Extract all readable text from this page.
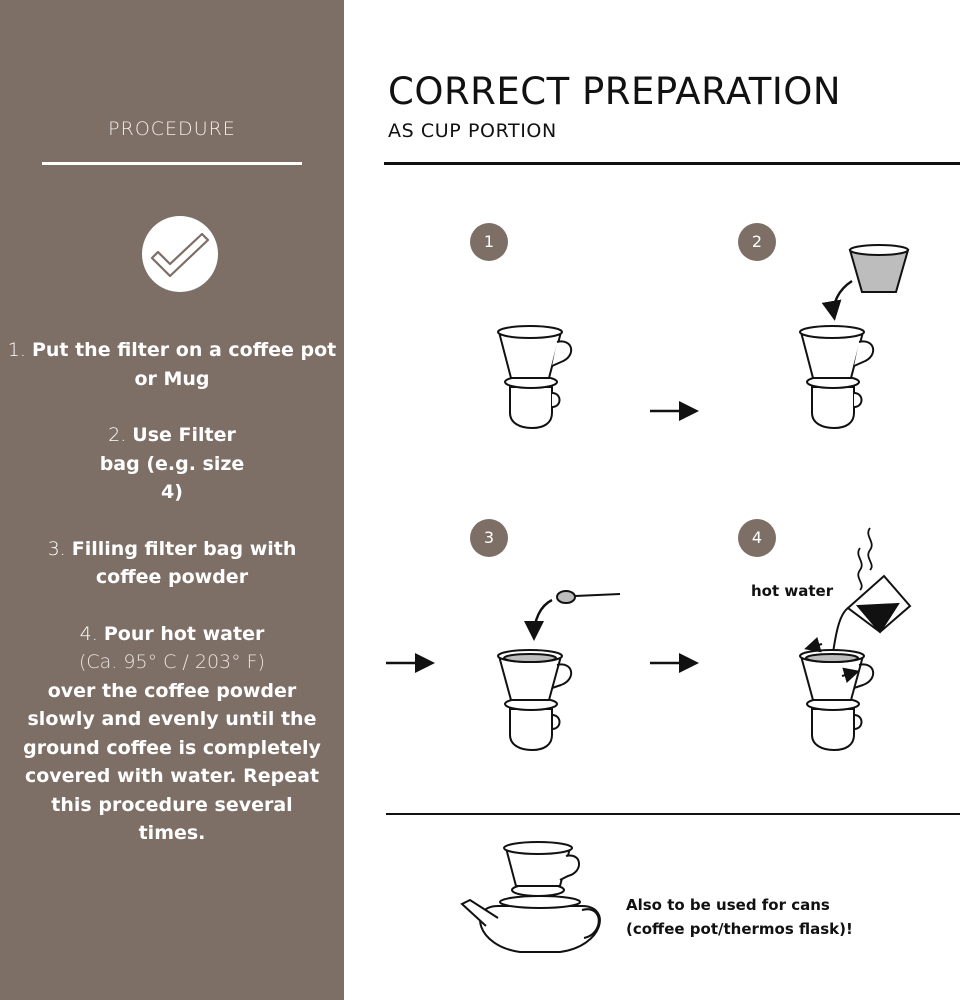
PROCEDURE
1. Put the filter on a coffee pot or Mug
2. Use Filter bag (e.g. size 4)
3. Filling filter bag with coffee powder
4. Pour hot water
(Ca. 95° C / 203° F)
over the coffee powder slowly and evenly until the ground coffee is completely covered with water. Repeat this procedure several times.
CORRECT PREPARATION
AS CUP PORTION
1	2
3	4
hot water
Also to be used for cans
(coffee pot/thermos flask)!
